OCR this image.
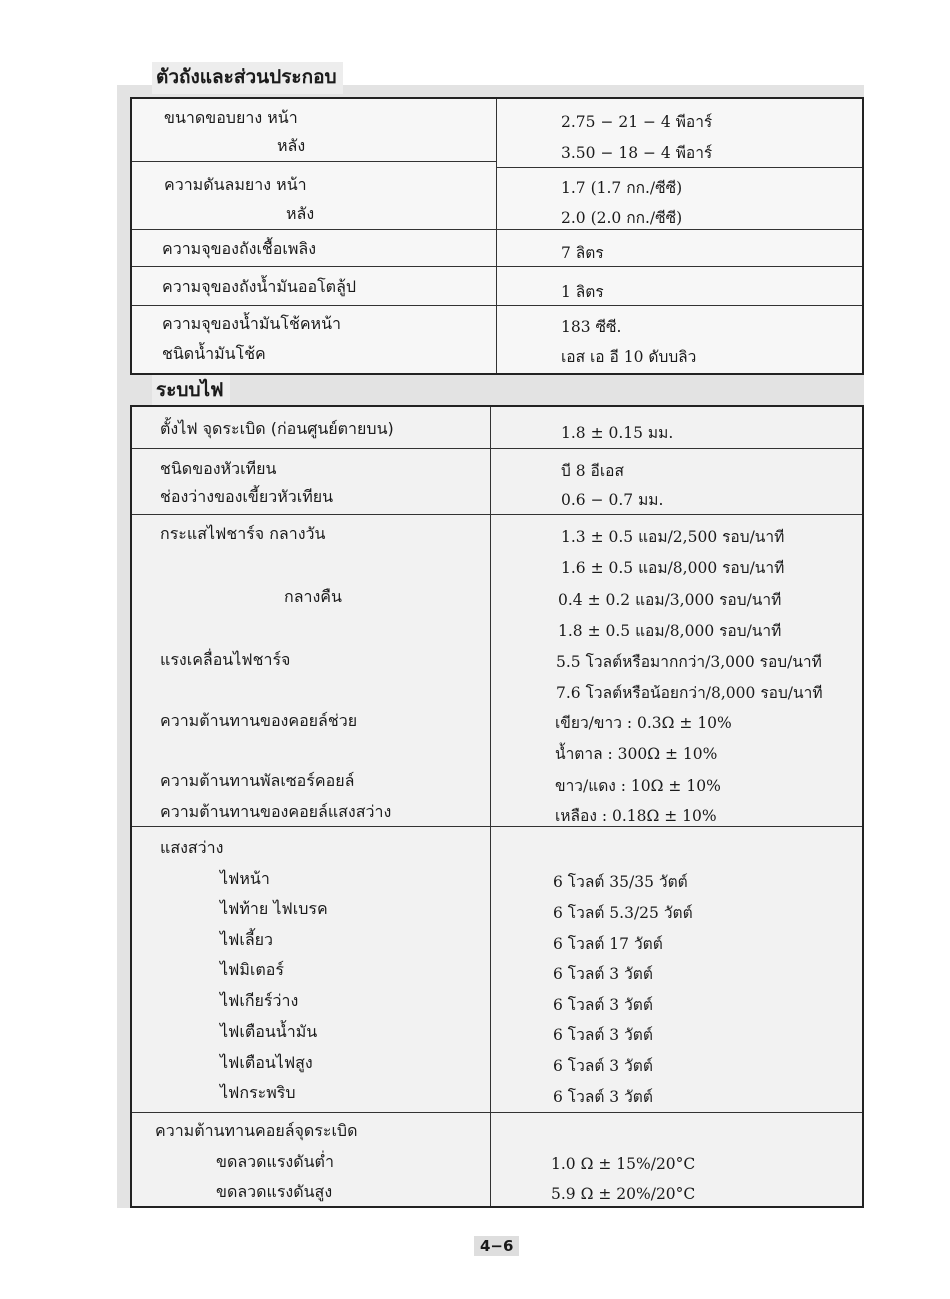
ตัวถังและส่วนประกอบ
ขนาดขอบยาง หน้า	2.75 − 21 − 4 พีอาร์
หลัง	3.50 − 18 − 4 พีอาร์
ความดันลมยาง หน้า	1.7 (1.7 กก./ซีซี)
หลัง	2.0 (2.0 กก./ซีซี)
ความจุของถังเชื้อเพลิง	7 ลิตร
ความจุของถังน้ำมันออโตลู้ป	1 ลิตร
ความจุของน้ำมันโช้คหน้า	183 ซีซี.
ชนิดน้ำมันโช้ค	เอส เอ อี 10 ดับบลิว
ระบบไฟ
ตั้งไฟ จุดระเบิด (ก่อนศูนย์ตายบน)	1.8 ± 0.15 มม.
ชนิดของหัวเทียน	บี 8 อีเอส
ช่องว่างของเขี้ยวหัวเทียน	0.6 − 0.7 มม.
กระแสไฟชาร์จ กลางวัน	1.3 ± 0.5 แอม/2,500 รอบ/นาที
1.6 ± 0.5 แอม/8,000 รอบ/นาที
กลางคืน	0.4 ± 0.2 แอม/3,000 รอบ/นาที
1.8 ± 0.5 แอม/8,000 รอบ/นาที
แรงเคลื่อนไฟชาร์จ	5.5 โวลต์หรือมากกว่า/3,000 รอบ/นาที
7.6 โวลต์หรือน้อยกว่า/8,000 รอบ/นาที
ความต้านทานของคอยล์ช่วย	เขียว/ขาว : 0.3Ω ± 10%
น้ำตาล : 300Ω ± 10%
ความต้านทานพัลเซอร์คอยล์	ขาว/แดง : 10Ω ± 10%
ความต้านทานของคอยล์แสงสว่าง	เหลือง : 0.18Ω ± 10%
แสงสว่าง
ไฟหน้า	6 โวลต์ 35/35 วัตต์
ไฟท้าย ไฟเบรค	6 โวลต์ 5.3/25 วัตต์
ไฟเลี้ยว	6 โวลต์ 17 วัตต์
ไฟมิเตอร์	6 โวลต์ 3 วัตต์
ไฟเกียร์ว่าง	6 โวลต์ 3 วัตต์
ไฟเตือนน้ำมัน	6 โวลต์ 3 วัตต์
ไฟเตือนไฟสูง	6 โวลต์ 3 วัตต์
ไฟกระพริบ	6 โวลต์ 3 วัตต์
ความต้านทานคอยล์จุดระเบิด
ขดลวดแรงดันต่ำ	1.0 Ω ± 15%/20°C
ขดลวดแรงดันสูง	5.9 Ω ± 20%/20°C
4−6
